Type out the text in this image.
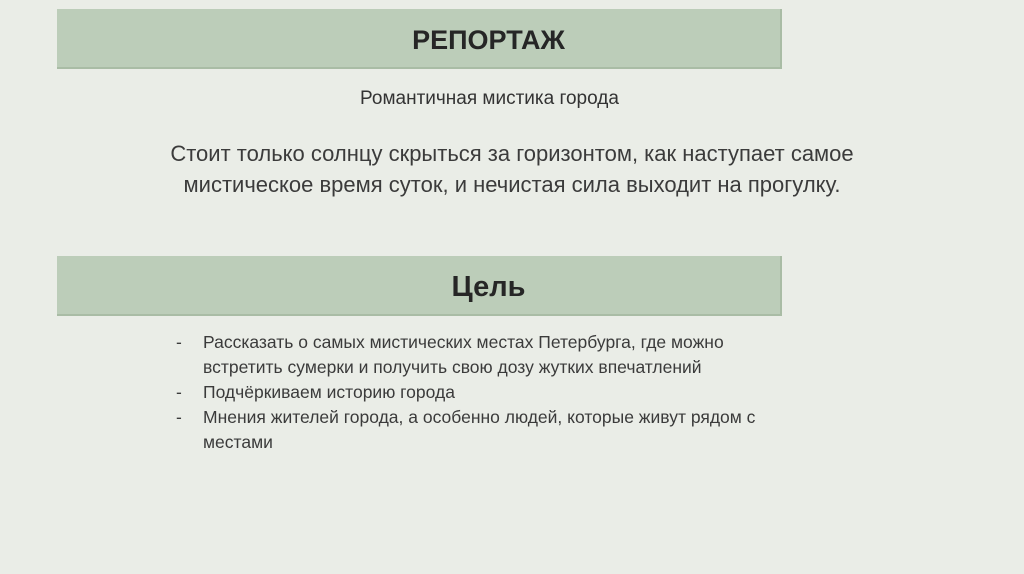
РЕПОРТАЖ
Романтичная мистика города
Стоит только солнцу скрыться за горизонтом, как наступает самое
мистическое время суток, и нечистая сила выходит на прогулку.
Цель
- Рассказать о самых мистических местах Петербурга, где можно
встретить сумерки и получить свою дозу жутких впечатлений
- Подчёркиваем историю города
- Мнения жителей города, а особенно людей, которые живут рядом с
местами
